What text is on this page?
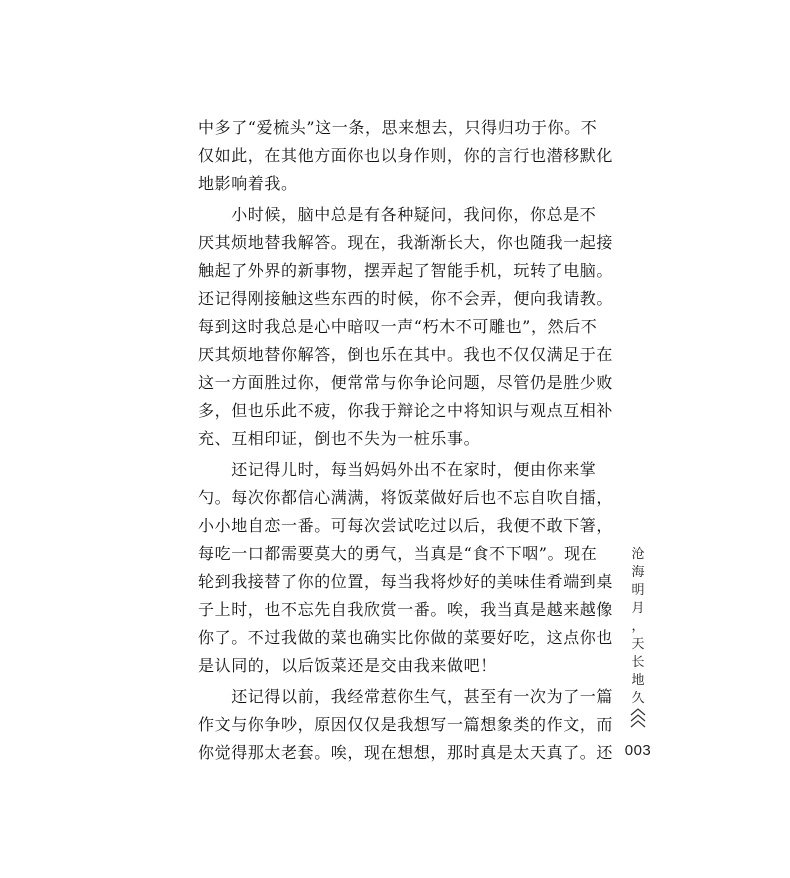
中多了“爱梳头”这一条，思来想去，只得归功于你。不
仅如此，在其他方面你也以身作则，你的言行也潜移默化
地影响着我。
　　小时候，脑中总是有各种疑问，我问你，你总是不
厌其烦地替我解答。现在，我渐渐长大，你也随我一起接
触起了外界的新事物，摆弄起了智能手机，玩转了电脑。
还记得刚接触这些东西的时候，你不会弄，便向我请教。
每到这时我总是心中暗叹一声“朽木不可雕也”，然后不
厌其烦地替你解答，倒也乐在其中。我也不仅仅满足于在
这一方面胜过你，便常常与你争论问题，尽管仍是胜少败
多，但也乐此不疲，你我于辩论之中将知识与观点互相补
充、互相印证，倒也不失为一桩乐事。
　　还记得儿时，每当妈妈外出不在家时，便由你来掌
勺。每次你都信心满满，将饭菜做好后也不忘自吹自擂，
小小地自恋一番。可每次尝试吃过以后，我便不敢下箸，
每吃一口都需要莫大的勇气，当真是“食不下咽”。现在
轮到我接替了你的位置，每当我将炒好的美味佳肴端到桌
子上时，也不忘先自我欣赏一番。唉，我当真是越来越像
你了。不过我做的菜也确实比你做的菜要好吃，这点你也
是认同的，以后饭菜还是交由我来做吧！
　　还记得以前，我经常惹你生气，甚至有一次为了一篇
作文与你争吵，原因仅仅是我想写一篇想象类的作文，而
你觉得那太老套。唉，现在想想，那时真是太天真了。还
沧
海
明
月
，
天
长
地
久
003
